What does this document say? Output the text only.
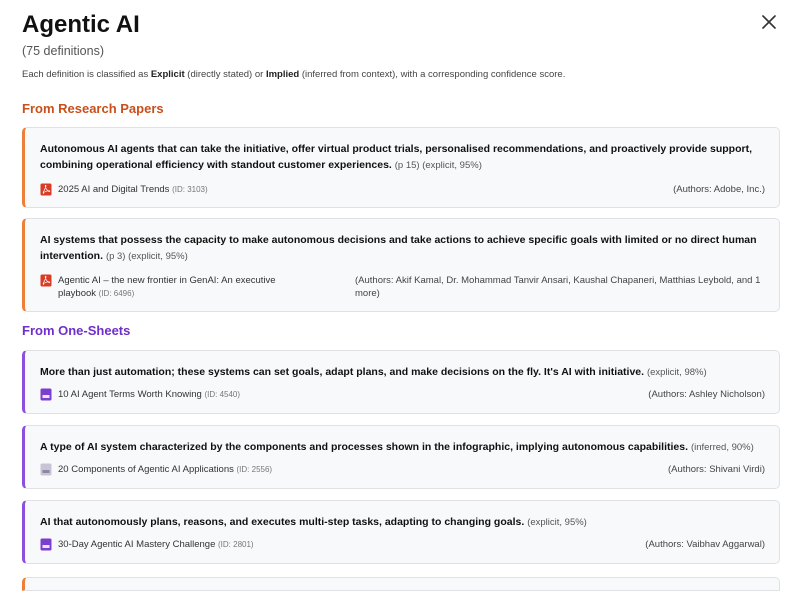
Agentic AI
(75 definitions)
Each definition is classified as Explicit (directly stated) or Implied (inferred from context), with a corresponding confidence score.
From Research Papers
Autonomous AI agents that can take the initiative, offer virtual product trials, personalised recommendations, and proactively provide support, combining operational efficiency with standout customer experiences. (p 15) (explicit, 95%)
2025 AI and Digital Trends
(ID: 3103)	(Authors: Adobe, Inc.)
AI systems that possess the capacity to make autonomous decisions and take actions to achieve specific goals with limited or no direct human intervention. (p 3) (explicit, 95%)
Agentic AI – the new frontier in GenAI: An executive playbook (ID: 6496)
(Authors: Akif Kamal, Dr. Mohammad Tanvir Ansari, Kaushal Chapaneri, Matthias Leybold, and 1 more)
From One-Sheets
More than just automation; these systems can set goals, adapt plans, and make decisions on the fly. It's AI with initiative. (explicit, 98%)
10 AI Agent Terms Worth Knowing
(ID: 4540)	(Authors: Ashley Nicholson)
A type of AI system characterized by the components and processes shown in the infographic, implying autonomous capabilities. (inferred, 90%)
20 Components of Agentic AI Applications
(ID: 2556)	(Authors: Shivani Virdi)
AI that autonomously plans, reasons, and executes multi-step tasks, adapting to changing goals. (explicit, 95%)
30-Day Agentic AI Mastery Challenge
(ID: 2801)	(Authors: Vaibhav Aggarwal)
